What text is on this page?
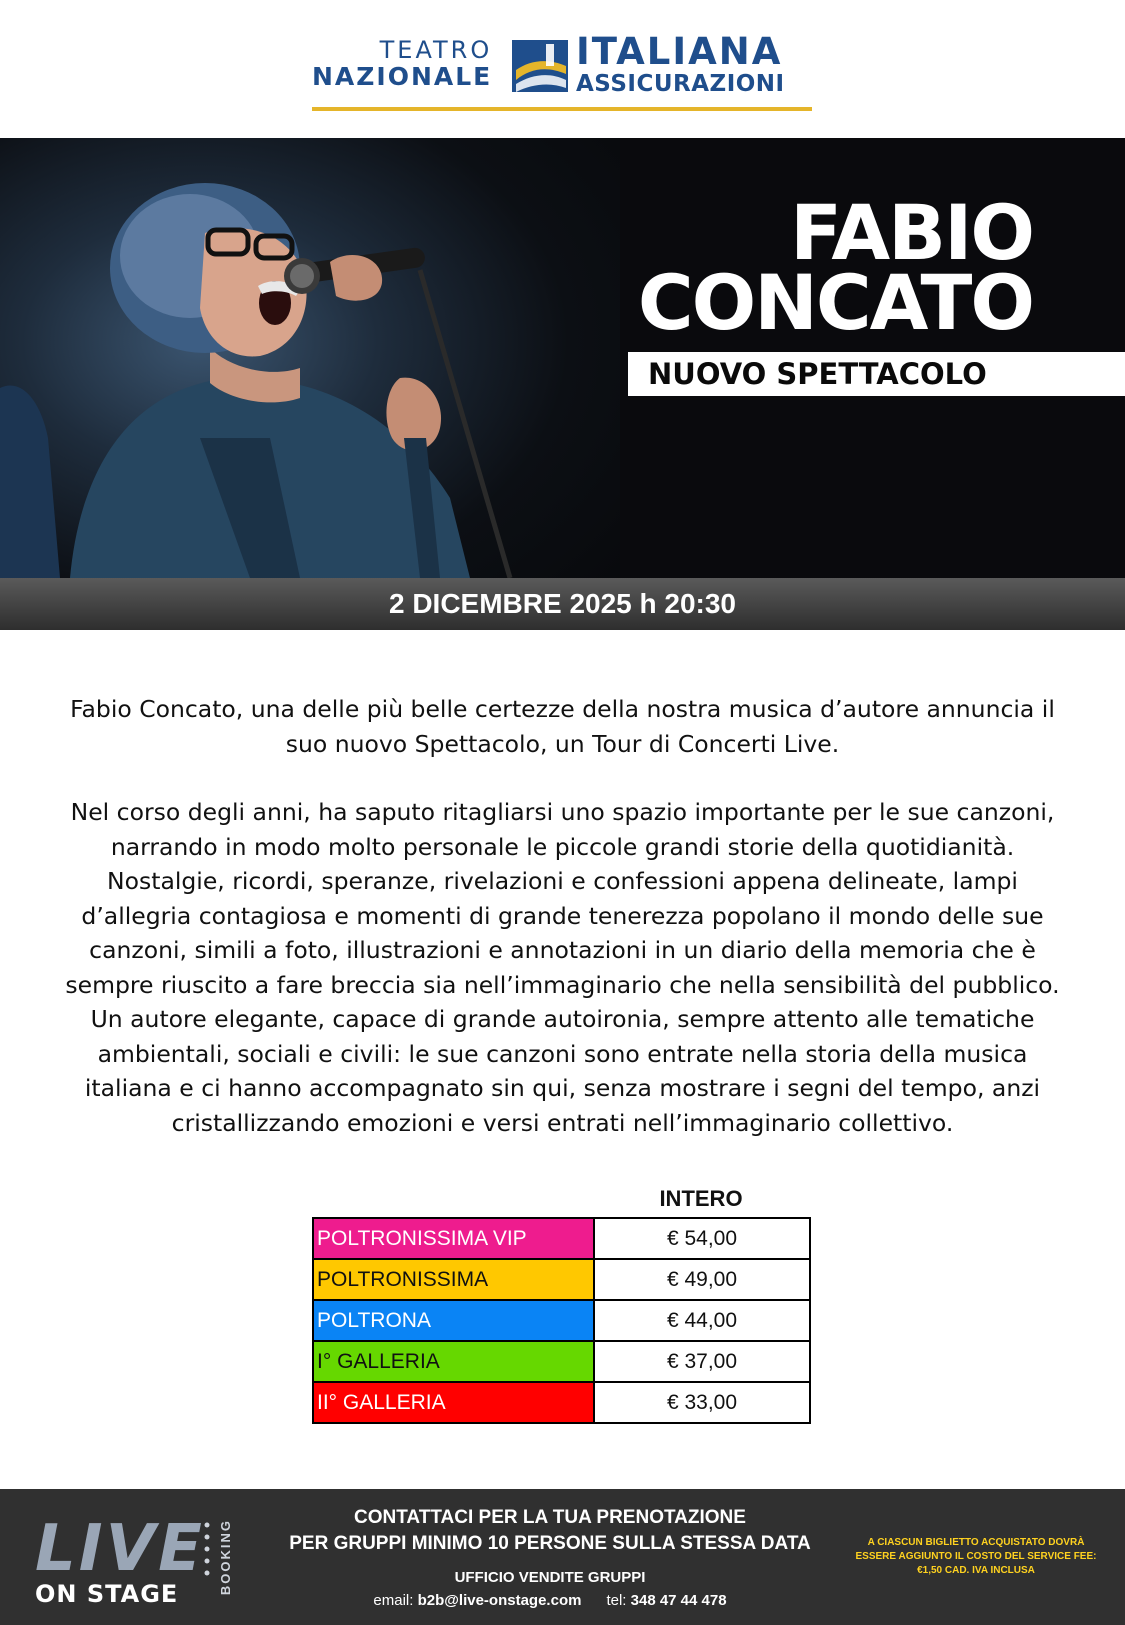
TEATRO
NAZIONALE
ITALIANA
ASSICURAZIONI
FABIO
CONCATO
NUOVO SPETTACOLO
2 DICEMBRE 2025 h 20:30

Fabio Concato, una delle più belle certezze della nostra musica d’autore annuncia il suo nuovo Spettacolo, un Tour di Concerti Live.

Nel corso degli anni, ha saputo ritagliarsi uno spazio importante per le sue canzoni, narrando in modo molto personale le piccole grandi storie della quotidianità. Nostalgie, ricordi, speranze, rivelazioni e confessioni appena delineate, lampi d’allegria contagiosa e momenti di grande tenerezza popolano il mondo delle sue canzoni, simili a foto, illustrazioni e annotazioni in un diario della memoria che è sempre riuscito a fare breccia sia nell’immaginario che nella sensibilità del pubblico. Un autore elegante, capace di grande autoironia, sempre attento alle tematiche ambientali, sociali e civili: le sue canzoni sono entrate nella storia della musica italiana e ci hanno accompagnato sin qui, senza mostrare i segni del tempo, anzi cristallizzando emozioni e versi entrati nell’immaginario collettivo.

INTERO
POLTRONISSIMA VIP	€ 54,00
POLTRONISSIMA	€ 49,00
POLTRONA	€ 44,00
I° GALLERIA	€ 37,00
II° GALLERIA	€ 33,00
LIVE
ON STAGE	BOOKING
CONTATTACI PER LA TUA PRENOTAZIONE
PER GRUPPI MINIMO 10 PERSONE SULLA STESSA DATA
UFFICIO VENDITE GRUPPI
email: b2b@live-onstage.com tel: 348 47 44 478
A CIASCUN BIGLIETTO ACQUISTATO DOVRÀ ESSERE AGGIUNTO IL COSTO DEL SERVICE FEE: €1,50 CAD. IVA INCLUSA
